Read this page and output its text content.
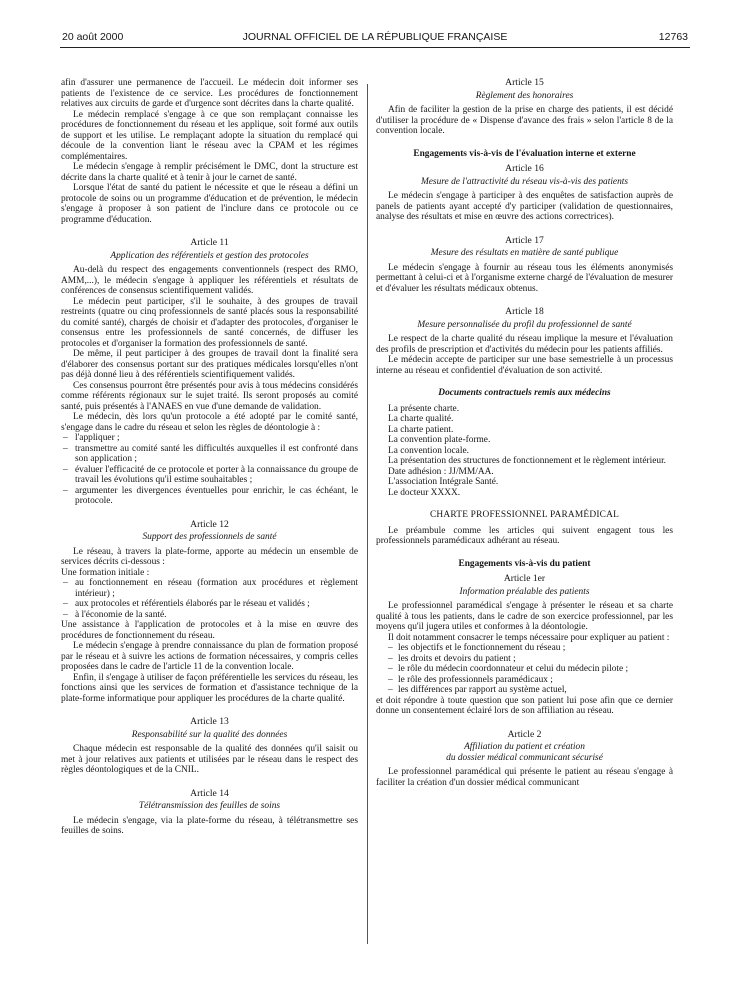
20 août 2000	JOURNAL OFFICIEL DE LA RÉPUBLIQUE FRANÇAISE	12763

afin d'assurer une permanence de l'accueil. Le médecin doit informer ses patients de l'existence de ce service. Les procédures de fonctionnement relatives aux circuits de garde et d'urgence sont décrites dans la charte qualité.

Le médecin remplacé s'engage à ce que son remplaçant connaisse les procédures de fonctionnement du réseau et les applique, soit formé aux outils de support et les utilise. Le remplaçant adopte la situation du remplacé qui découle de la convention liant le réseau avec la CPAM et les régimes complémentaires.

Le médecin s'engage à remplir précisément le DMC, dont la structure est décrite dans la charte qualité et à tenir à jour le carnet de santé.

Lorsque l'état de santé du patient le nécessite et que le réseau a défini un protocole de soins ou un programme d'éducation et de prévention, le médecin s'engage à proposer à son patient de l'inclure dans ce protocole ou ce programme d'éducation.

Article 11
Application des référentiels et gestion des protocoles

Au-delà du respect des engagements conventionnels (respect des RMO, AMM,...), le médecin s'engage à appliquer les référentiels et résultats de conférences de consensus scientifiquement validés.

Le médecin peut participer, s'il le souhaite, à des groupes de travail restreints (quatre ou cinq professionnels de santé placés sous la responsabilité du comité santé), chargés de choisir et d'adapter des protocoles, d'organiser le consensus entre les professionnels de santé concernés, de diffuser les protocoles et d'organiser la formation des professionnels de santé.

De même, il peut participer à des groupes de travail dont la finalité sera d'élaborer des consensus portant sur des pratiques médicales lorsqu'elles n'ont pas déjà donné lieu à des référentiels scientifiquement validés.

Ces consensus pourront être présentés pour avis à tous médecins considérés comme référents régionaux sur le sujet traité. Ils seront proposés au comité santé, puis présentés à l'ANAES en vue d'une demande de validation.

Le médecin, dès lors qu'un protocole a été adopté par le comité santé, s'engage dans le cadre du réseau et selon les règles de déontologie à :

– l'appliquer ;
– transmettre au comité santé les difficultés auxquelles il est confronté dans son application ;
– évaluer l'efficacité de ce protocole et porter à la connaissance du groupe de travail les évolutions qu'il estime souhaitables ;
– argumenter les divergences éventuelles pour enrichir, le cas échéant, le protocole.
Article 12
Support des professionnels de santé

Le réseau, à travers la plate-forme, apporte au médecin un ensemble de services décrits ci-dessous :

Une formation initiale :

– au fonctionnement en réseau (formation aux procédures et règlement intérieur) ;
– aux protocoles et référentiels élaborés par le réseau et validés ;
– à l'économie de la santé.

Une assistance à l'application de protocoles et à la mise en œuvre des procédures de fonctionnement du réseau.

Le médecin s'engage à prendre connaissance du plan de formation proposé par le réseau et à suivre les actions de formation nécessaires, y compris celles proposées dans le cadre de l'article 11 de la convention locale.

Enfin, il s'engage à utiliser de façon préférentielle les services du réseau, les fonctions ainsi que les services de formation et d'assistance technique de la plate-forme informatique pour appliquer les procédures de la charte qualité.

Article 13
Responsabilité sur la qualité des données

Chaque médecin est responsable de la qualité des données qu'il saisit ou met à jour relatives aux patients et utilisées par le réseau dans le respect des règles déontologiques et de la CNIL.

Article 14
Télétransmission des feuilles de soins

Le médecin s'engage, via la plate-forme du réseau, à télétransmettre ses feuilles de soins.

Article 15
Règlement des honoraires

Afin de faciliter la gestion de la prise en charge des patients, il est décidé d'utiliser la procédure de « Dispense d'avance des frais » selon l'article 8 de la convention locale.

Engagements vis-à-vis de l'évaluation interne et externe
Article 16
Mesure de l'attractivité du réseau vis-à-vis des patients

Le médecin s'engage à participer à des enquêtes de satisfaction auprès de panels de patients ayant accepté d'y participer (validation de questionnaires, analyse des résultats et mise en œuvre des actions correctrices).

Article 17
Mesure des résultats en matière de santé publique

Le médecin s'engage à fournir au réseau tous les éléments anonymisés permettant à celui-ci et à l'organisme externe chargé de l'évaluation de mesurer et d'évaluer les résultats médicaux obtenus.

Article 18
Mesure personnalisée du profil du professionnel de santé

Le respect de la charte qualité du réseau implique la mesure et l'évaluation des profils de prescription et d'activités du médecin pour les patients affiliés.

Le médecin accepte de participer sur une base semestrielle à un processus interne au réseau et confidentiel d'évaluation de son activité.

Documents contractuels remis aux médecins
La présente charte.
La charte qualité.
La charte patient.
La convention plate-forme.
La convention locale.
La présentation des structures de fonctionnement et le règlement intérieur.
Date adhésion : JJ/MM/AA.
L'association Intégrale Santé.
Le docteur XXXX.
CHARTE PROFESSIONNEL PARAMÉDICAL

Le préambule comme les articles qui suivent engagent tous les professionnels paramédicaux adhérant au réseau.

Engagements vis-à-vis du patient
Article 1er
Information préalable des patients

Le professionnel paramédical s'engage à présenter le réseau et sa charte qualité à tous les patients, dans le cadre de son exercice professionnel, par les moyens qu'il jugera utiles et conformes à la déontologie.

Il doit notamment consacrer le temps nécessaire pour expliquer au patient :

– les objectifs et le fonctionnement du réseau ;
– les droits et devoirs du patient ;
– le rôle du médecin coordonnateur et celui du médecin pilote ;
– le rôle des professionnels paramédicaux ;
– les différences par rapport au système actuel,

et doit répondre à toute question que son patient lui pose afin que ce dernier donne un consentement éclairé lors de son affiliation au réseau.

Article 2
Affiliation du patient et création
du dossier médical communicant sécurisé

Le professionnel paramédical qui présente le patient au réseau s'engage à faciliter la création d'un dossier médical communicant
